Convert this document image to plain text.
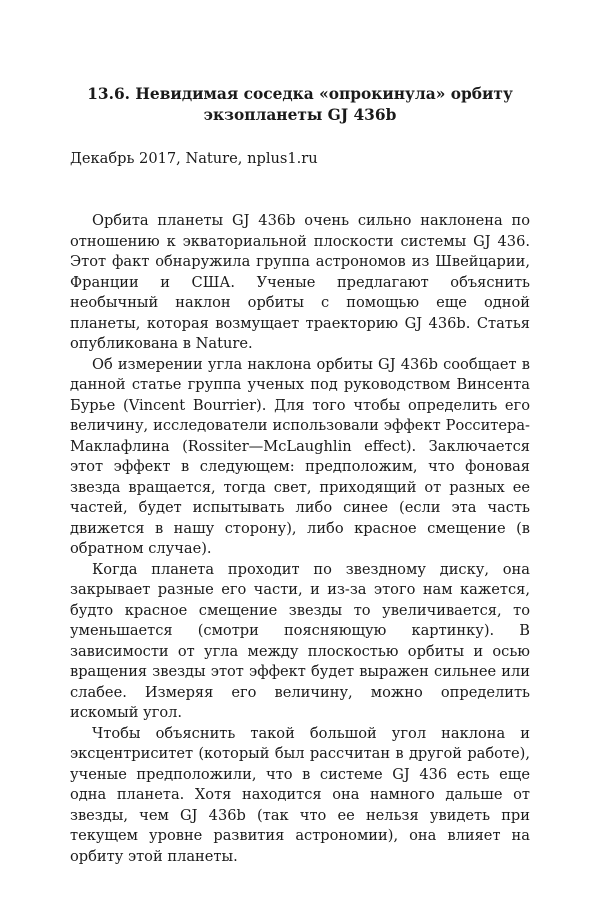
13.6. Невидимая соседка «опрокинула» орбиту
экзопланеты GJ 436b
Декабрь 2017, Nature, nplus1.ru

Орбита планеты GJ 436b очень сильно наклонена по отношению к экваториальной плоскости системы GJ 436. Этот факт обнаружила группа астрономов из Швейцарии, Франции и США. Ученые предлагают объяснить необычный наклон орбиты с помощью еще одной планеты, которая возмущает траекторию GJ 436b. Статья опубликована в Nature.

Об измерении угла наклона орбиты GJ 436b сообщает в данной статье группа ученых под руководством Винсента Бурье (Vincent Bourrier). Для того чтобы определить его величину, исследователи использовали эффект Росситера-Маклафлина (Rossiter—McLaughlin effect). Заключается этот эффект в следующем: предположим, что фоновая звезда вращается, тогда свет, приходящий от разных ее частей, будет испытывать либо синее (если эта часть движется в нашу сторону), либо красное смещение (в обратном случае).

Когда планета проходит по звездному диску, она закрывает разные его части, и из-за этого нам кажется, будто красное смещение звезды то увеличивается, то уменьшается (смотри поясняющую картинку). В зависимости от угла между плоскостью орбиты и осью вращения звезды этот эффект будет выражен сильнее или слабее. Измеряя его величину, можно определить искомый угол.

Чтобы объяснить такой большой угол наклона и эксцентриситет (который был рассчитан в другой работе), ученые предположили, что в системе GJ 436 есть еще одна планета. Хотя находится она намного дальше от звезды, чем GJ 436b (так что ее нельзя увидеть при текущем уровне развития астрономии), она влияет на орбиту этой планеты.
